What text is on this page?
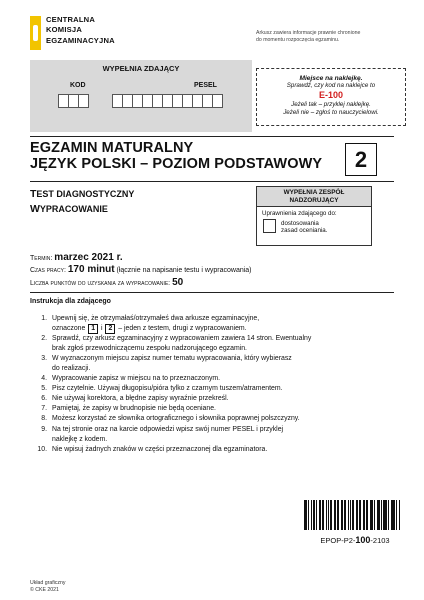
CENTRALNA
KOMISJA
EGZAMINACYJNA
Arkusz zawiera informacje prawnie chronione
do momentu rozpoczęcia egzaminu.
WYPEŁNIA ZDAJĄCY
KOD	PESEL
Miejsce na naklejkę.
Sprawdź, czy kod na naklejce to
E-100
Jeżeli tak – przyklej naklejkę.
Jeżeli nie – zgłoś to nauczycielowi.
EGZAMIN MATURALNY
JĘZYK POLSKI – POZIOM PODSTAWOWY	2
TEST DIAGNOSTYCZNY
WYPRACOWANIE
WYPEŁNIA ZESPÓŁ
NADZORUJĄCY
Uprawnienia zdającego do:
dostosowania
zasad oceniania.
Termin: marzec 2021 r.
Czas pracy: 170 minut (łącznie na napisanie testu i wypracowania)
Liczba punktów do uzyskania za wypracowanie: 50
Instrukcja dla zdającego
1. Upewnij się, że otrzymałaś/otrzymałeś dwa arkusze egzaminacyjne,
oznaczone 1 i 2 – jeden z testem, drugi z wypracowaniem.
2. Sprawdź, czy arkusz egzaminacyjny z wypracowaniem zawiera 14 stron. Ewentualny
brak zgłoś przewodniczącemu zespołu nadzorującego egzamin.
3. W wyznaczonym miejscu zapisz numer tematu wypracowania, który wybierasz
do realizacji.
4. Wypracowanie zapisz w miejscu na to przeznaczonym.
5. Pisz czytelnie. Używaj długopisu/pióra tylko z czarnym tuszem/atramentem.
6. Nie używaj korektora, a błędne zapisy wyraźnie przekreśl.
7. Pamiętaj, że zapisy w brudnopisie nie będą oceniane.
8. Możesz korzystać ze słownika ortograficznego i słownika poprawnej polszczyzny.
9. Na tej stronie oraz na karcie odpowiedzi wpisz swój numer PESEL i przyklej
naklejkę z kodem.
10. Nie wpisuj żadnych znaków w części przeznaczonej dla egzaminatora.
EPOP-P2-100-2103
Układ graficzny
© CKE 2021
